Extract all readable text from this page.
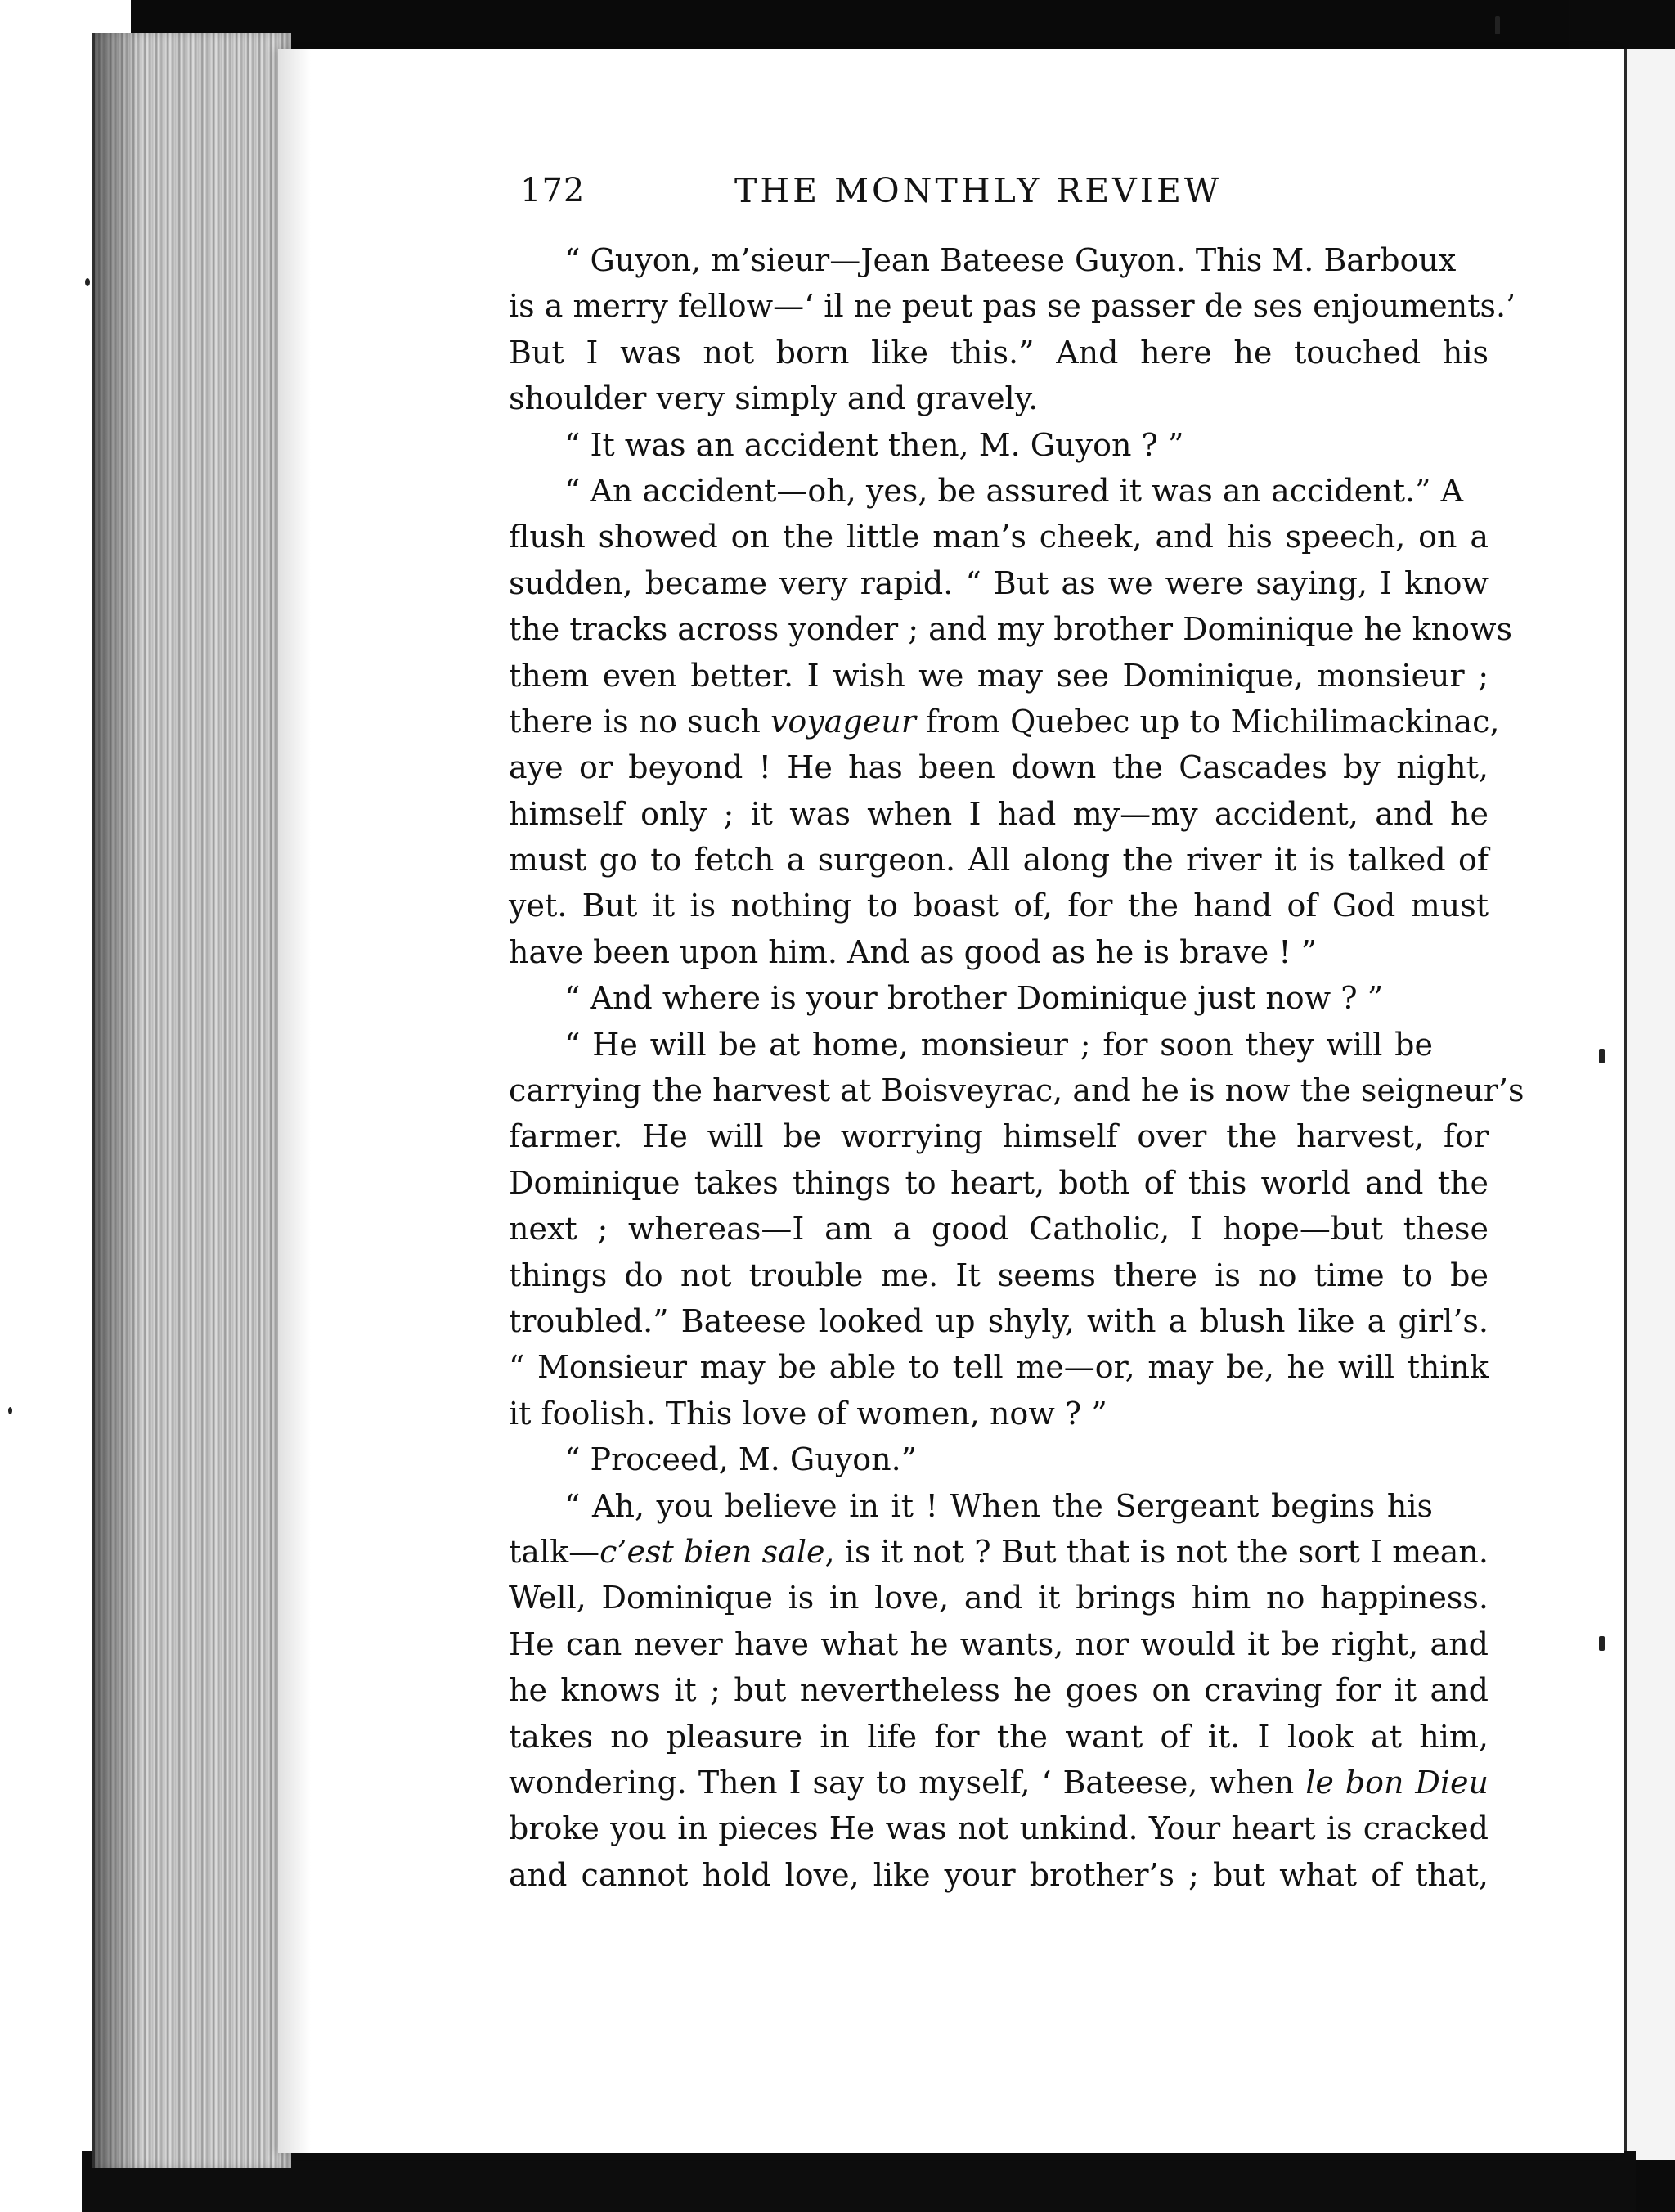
172	THE MONTHLY REVIEW
“ Guyon, m’sieur—Jean Bateese Guyon. This M. Barboux
is a merry fellow—‘ il ne peut pas se passer de ses enjouments.’
But I was not born like this.” And here he touched his
shoulder very simply and gravely.
“ It was an accident then, M. Guyon ? ”
“ An accident—oh, yes, be assured it was an accident.” A
flush showed on the little man’s cheek, and his speech, on a
sudden, became very rapid. “ But as we were saying, I know
the tracks across yonder ; and my brother Dominique he knows
them even better. I wish we may see Dominique, monsieur ;
there is no such voyageur from Quebec up to Michilimackinac,
aye or beyond ! He has been down the Cascades by night,
himself only ; it was when I had my—my accident, and he
must go to fetch a surgeon. All along the river it is talked of
yet. But it is nothing to boast of, for the hand of God must
have been upon him. And as good as he is brave ! ”
“ And where is your brother Dominique just now ? ”
“ He will be at home, monsieur ; for soon they will be
carrying the harvest at Boisveyrac, and he is now the seigneur’s
farmer. He will be worrying himself over the harvest, for
Dominique takes things to heart, both of this world and the
next ; whereas—I am a good Catholic, I hope—but these
things do not trouble me. It seems there is no time to be
troubled.” Bateese looked up shyly, with a blush like a girl’s.
“ Monsieur may be able to tell me—or, may be, he will think
it foolish. This love of women, now ? ”
“ Proceed, M. Guyon.”
“ Ah, you believe in it ! When the Sergeant begins his
talk—c’est bien sale, is it not ? But that is not the sort I mean.
Well, Dominique is in love, and it brings him no happiness.
He can never have what he wants, nor would it be right, and
he knows it ; but nevertheless he goes on craving for it and
takes no pleasure in life for the want of it. I look at him,
wondering. Then I say to myself, ‘ Bateese, when le bon Dieu
broke you in pieces He was not unkind. Your heart is cracked
and cannot hold love, like your brother’s ; but what of that,
